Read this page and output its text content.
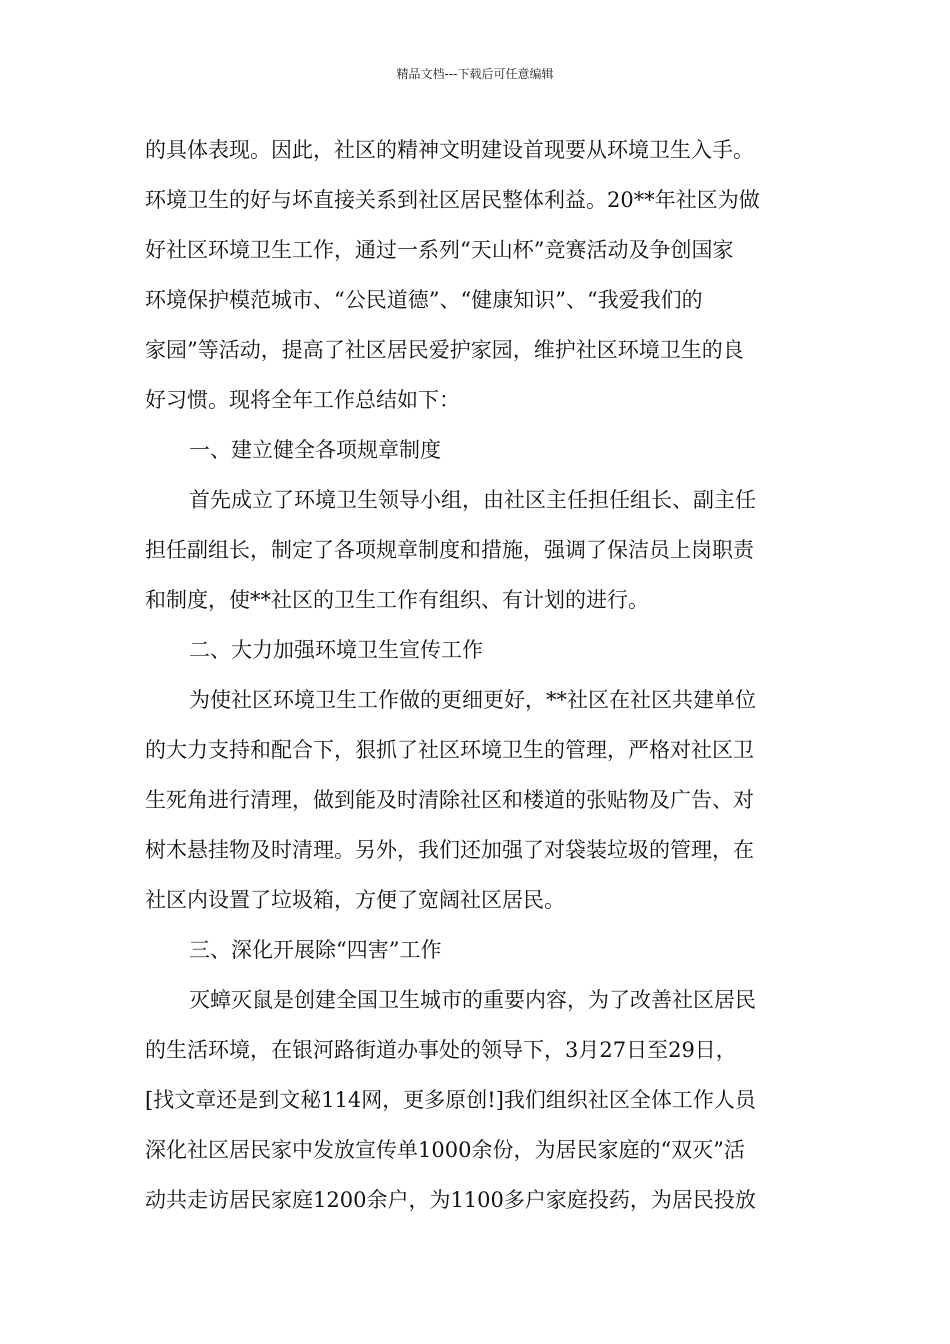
精品文档---下载后可任意编辑
的具体表现。因此，社区的精神文明建设首现要从环境卫生入手。
环境卫生的好与坏直接关系到社区居民整体利益。20**年社区为做
好社区环境卫生工作，通过一系列“天山杯”竞赛活动及争创国家
环境保护模范城市、“公民道德”、“健康知识”、“我爱我们的
家园”等活动，提高了社区居民爱护家园，维护社区环境卫生的良
好习惯。现将全年工作总结如下：
一、建立健全各项规章制度
首先成立了环境卫生领导小组，由社区主任担任组长、副主任
担任副组长，制定了各项规章制度和措施，强调了保洁员上岗职责
和制度，使**社区的卫生工作有组织、有计划的进行。
二、大力加强环境卫生宣传工作
为使社区环境卫生工作做的更细更好，**社区在社区共建单位
的大力支持和配合下，狠抓了社区环境卫生的管理，严格对社区卫
生死角进行清理，做到能及时清除社区和楼道的张贴物及广告、对
树木悬挂物及时清理。另外，我们还加强了对袋装垃圾的管理，在
社区内设置了垃圾箱，方便了宽阔社区居民。
三、深化开展除“四害”工作
灭蟑灭鼠是创建全国卫生城市的重要内容，为了改善社区居民
的生活环境，在银河路街道办事处的领导下，3月27日至29日，
[找文章还是到文秘114网，更多原创!]我们组织社区全体工作人员
深化社区居民家中发放宣传单1000余份，为居民家庭的“双灭”活
动共走访居民家庭1200余户，为1100多户家庭投药，为居民投放
